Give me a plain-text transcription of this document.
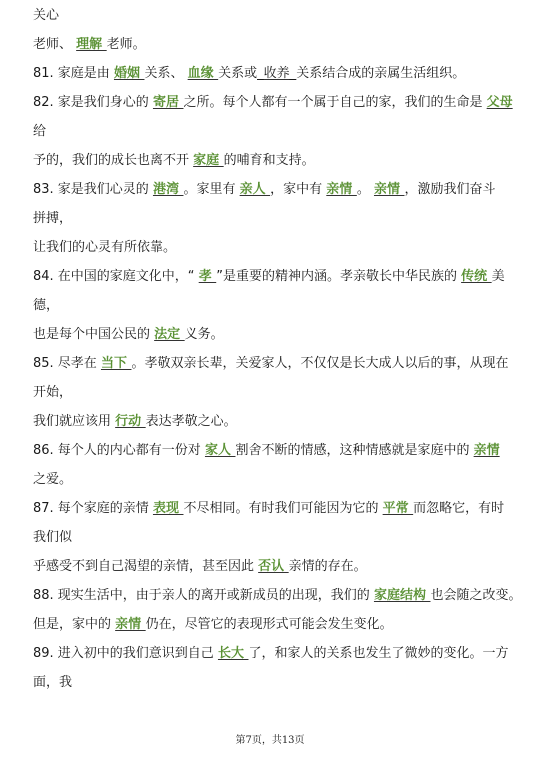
关心
老师、 理解 老师。
81. 家庭是由 婚姻 关系、 血缘 关系或_收养_关系结合成的亲属生活组织。
82. 家是我们身心的 寄居 之所。每个人都有一个属于自己的家，我们的生命是 父母
给
予的，我们的成长也离不开 家庭 的哺育和支持。
83. 家是我们心灵的 港湾 。家里有 亲人 ，家中有 亲情 。 亲情 ，激励我们奋斗
拼搏，
让我们的心灵有所依靠。
84. 在中国的家庭文化中，“ 孝 ”是重要的精神内涵。孝亲敬长中华民族的 传统 美
德，
也是每个中国公民的 法定 义务。
85. 尽孝在 当下 。孝敬双亲长辈，关爱家人，不仅仅是长大成人以后的事，从现在
开始，
我们就应该用 行动 表达孝敬之心。
86. 每个人的内心都有一份对 家人 割舍不断的情感，这种情感就是家庭中的 亲情
之爱。
87. 每个家庭的亲情 表现 不尽相同。有时我们可能因为它的 平常 而忽略它，有时
我们似
乎感受不到自己渴望的亲情，甚至因此 否认 亲情的存在。
88. 现实生活中，由于亲人的离开或新成员的出现，我们的 家庭结构 也会随之改变。
但是，家中的 亲情 仍在，尽管它的表现形式可能会发生变化。
89. 进入初中的我们意识到自己 长大 了，和家人的关系也发生了微妙的变化。一方
面，我
第7页，共13页
